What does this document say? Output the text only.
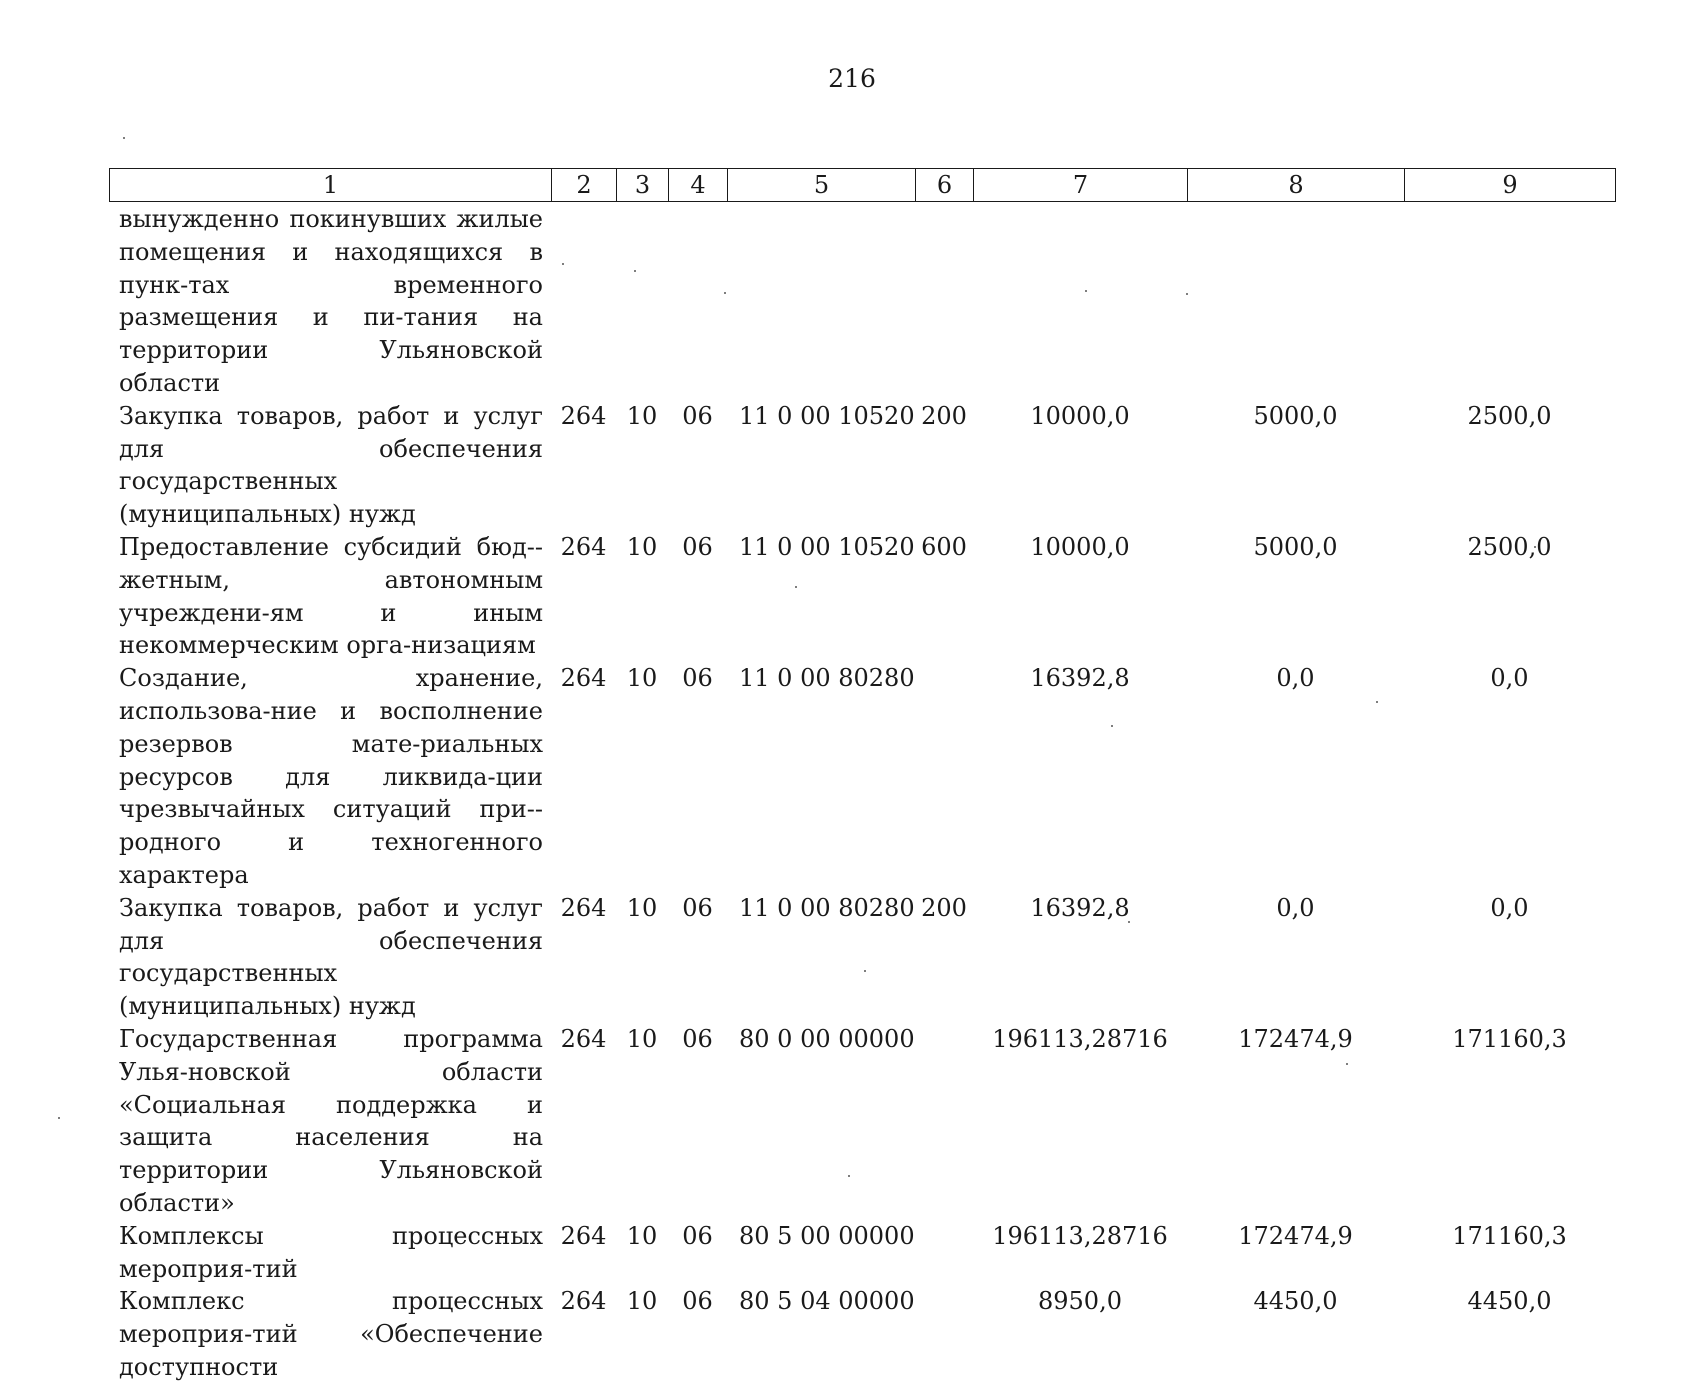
216
1	2	3	4	5	6	7	8	9
вынужденно покинувших жилые помещения и находящихся в пунк-тах временного размещения и пи-тания на территории Ульяновской области								
Закупка товаров, работ и услуг для обеспечения государственных (муниципальных) нужд	264	10	06	11 0 00 10520	200	10000,0	5000,0	2500,0
Предоставление субсидий бюд-жетным, автономным учреждени-ям и иным некоммерческим орга-низациям	264	10	06	11 0 00 10520	600	10000,0	5000,0	2500,0
Создание, хранение, использова-ние и восполнение резервов мате-риальных ресурсов для ликвида-ции чрезвычайных ситуаций при-родного и техногенного характера	264	10	06	11 0 00 80280		16392,8	0,0	0,0
Закупка товаров, работ и услуг для обеспечения государственных (муниципальных) нужд	264	10	06	11 0 00 80280	200	16392,8	0,0	0,0
Государственная программа Улья-новской области «Социальная поддержка и защита населения на территории Ульяновской области»	264	10	06	80 0 00 00000		196113,28716	172474,9	171160,3
Комплексы процессных мероприя-тий	264	10	06	80 5 00 00000		196113,28716	172474,9	171160,3
Комплекс процессных мероприя-тий «Обеспечение доступности	264	10	06	80 5 04 00000		8950,0	4450,0	4450,0
